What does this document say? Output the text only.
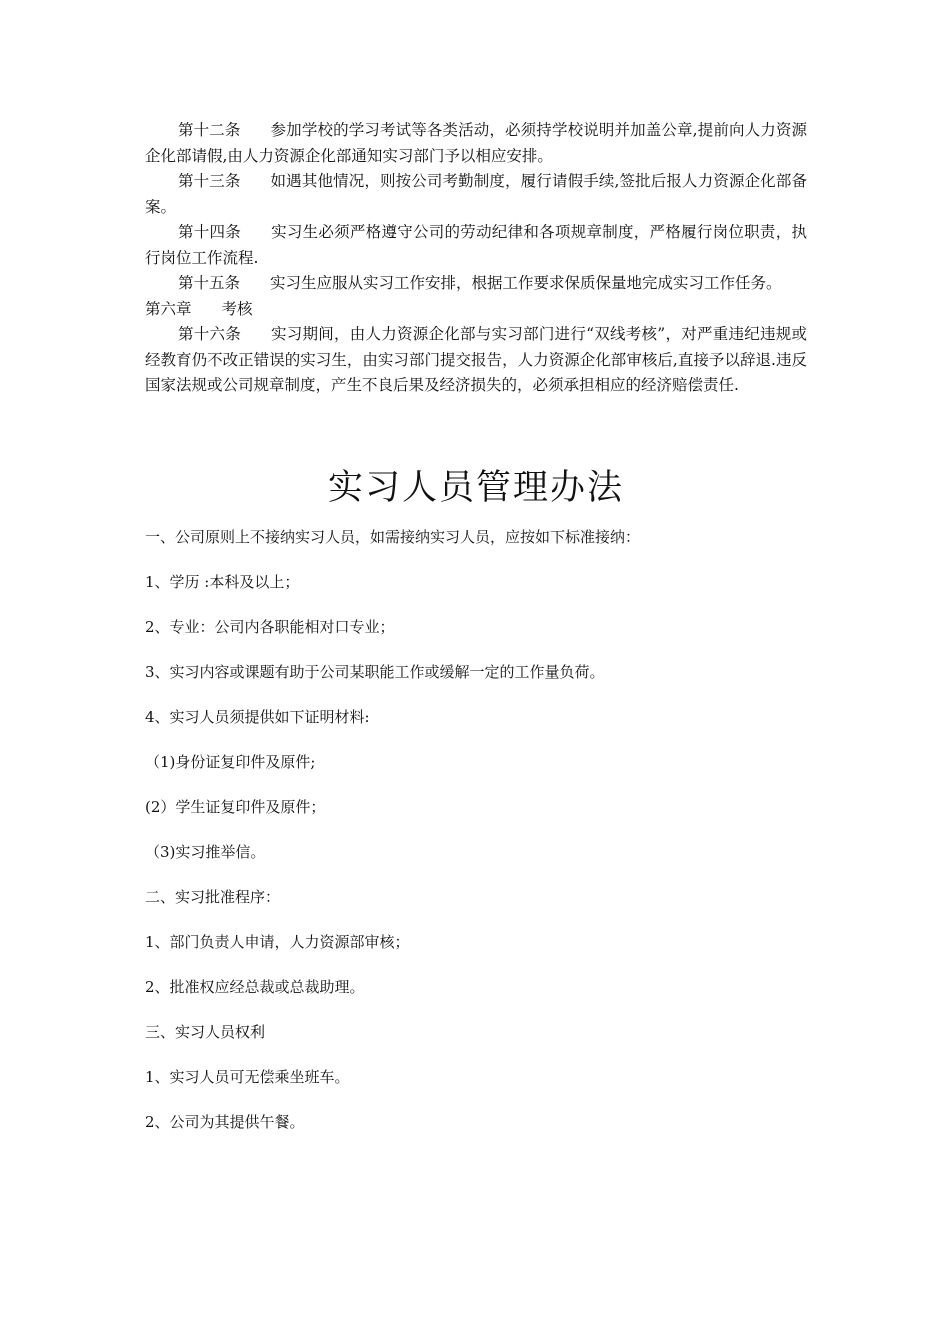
第十二条 参加学校的学习考试等各类活动，必须持学校说明并加盖公章,提前向人力资源企化部请假,由人力资源企化部通知实习部门予以相应安排。

第十三条 如遇其他情况，则按公司考勤制度，履行请假手续,签批后报人力资源企化部备案。

第十四条 实习生必须严格遵守公司的劳动纪律和各项规章制度，严格履行岗位职责，执行岗位工作流程.

第十五条 实习生应服从实习工作安排，根据工作要求保质保量地完成实习工作任务。

第六章 考核

第十六条 实习期间，由人力资源企化部与实习部门进行“双线考核”，对严重违纪违规或经教育仍不改正错误的实习生，由实习部门提交报告，人力资源企化部审核后,直接予以辞退.违反国家法规或公司规章制度，产生不良后果及经济损失的，必须承担相应的经济赔偿责任.

实习人员管理办法

一、公司原则上不接纳实习人员，如需接纳实习人员，应按如下标准接纳：

1、学历 :本科及以上；

2、专业：公司内各职能相对口专业；

3、实习内容或课题有助于公司某职能工作或缓解一定的工作量负荷。

4、实习人员须提供如下证明材料:

（1)身份证复印件及原件;

(2）学生证复印件及原件；

（3)实习推举信。

二、实习批准程序：

1、部门负责人申请，人力资源部审核；

2、批准权应经总裁或总裁助理。

三、实习人员权利

1、实习人员可无偿乘坐班车。

2、公司为其提供午餐。
